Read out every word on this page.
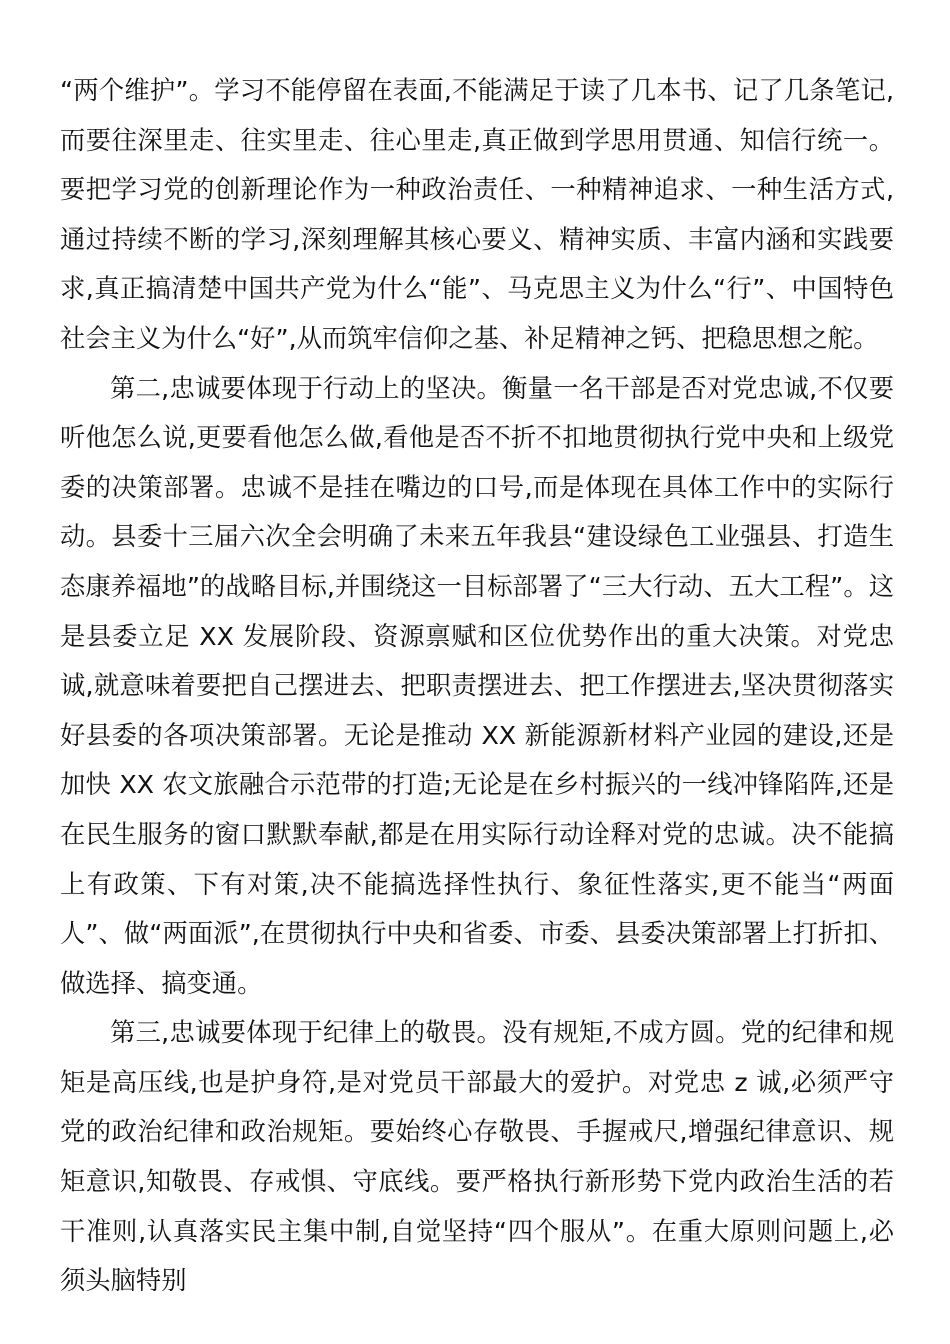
“两个维护”。学习不能停留在表面,不能满足于读了几本书、记了几条笔记,而要往深里走、往实里走、往心里走,真正做到学思用贯通、知信行统一。要把学习党的创新理论作为一种政治责任、一种精神追求、一种生活方式,通过持续不断的学习,深刻理解其核心要义、精神实质、丰富内涵和实践要求,真正搞清楚中国共产党为什么“能”、马克思主义为什么“行”、中国特色社会主义为什么“好”,从而筑牢信仰之基、补足精神之钙、把稳思想之舵。

第二,忠诚要体现于行动上的坚决。衡量一名干部是否对党忠诚,不仅要听他怎么说,更要看他怎么做,看他是否不折不扣地贯彻执行党中央和上级党委的决策部署。忠诚不是挂在嘴边的口号,而是体现在具体工作中的实际行动。县委十三届六次全会明确了未来五年我县“建设绿色工业强县、打造生态康养福地”的战略目标,并围绕这一目标部署了“三大行动、五大工程”。这是县委立足 XX 发展阶段、资源禀赋和区位优势作出的重大决策。对党忠诚,就意味着要把自己摆进去、把职责摆进去、把工作摆进去,坚决贯彻落实好县委的各项决策部署。无论是推动 XX 新能源新材料产业园的建设,还是加快 XX 农文旅融合示范带的打造;无论是在乡村振兴的一线冲锋陷阵,还是在民生服务的窗口默默奉献,都是在用实际行动诠释对党的忠诚。决不能搞上有政策、下有对策,决不能搞选择性执行、象征性落实,更不能当“两面人”、做“两面派”,在贯彻执行中央和省委、市委、县委决策部署上打折扣、做选择、搞变通。

第三,忠诚要体现于纪律上的敬畏。没有规矩,不成方圆。党的纪律和规矩是高压线,也是护身符,是对党员干部最大的爱护。对党忠 z 诚,必须严守党的政治纪律和政治规矩。要始终心存敬畏、手握戒尺,增强纪律意识、规矩意识,知敬畏、存戒惧、守底线。要严格执行新形势下党内政治生活的若干准则,认真落实民主集中制,自觉坚持“四个服从”。在重大原则问题上,必须头脑特别
